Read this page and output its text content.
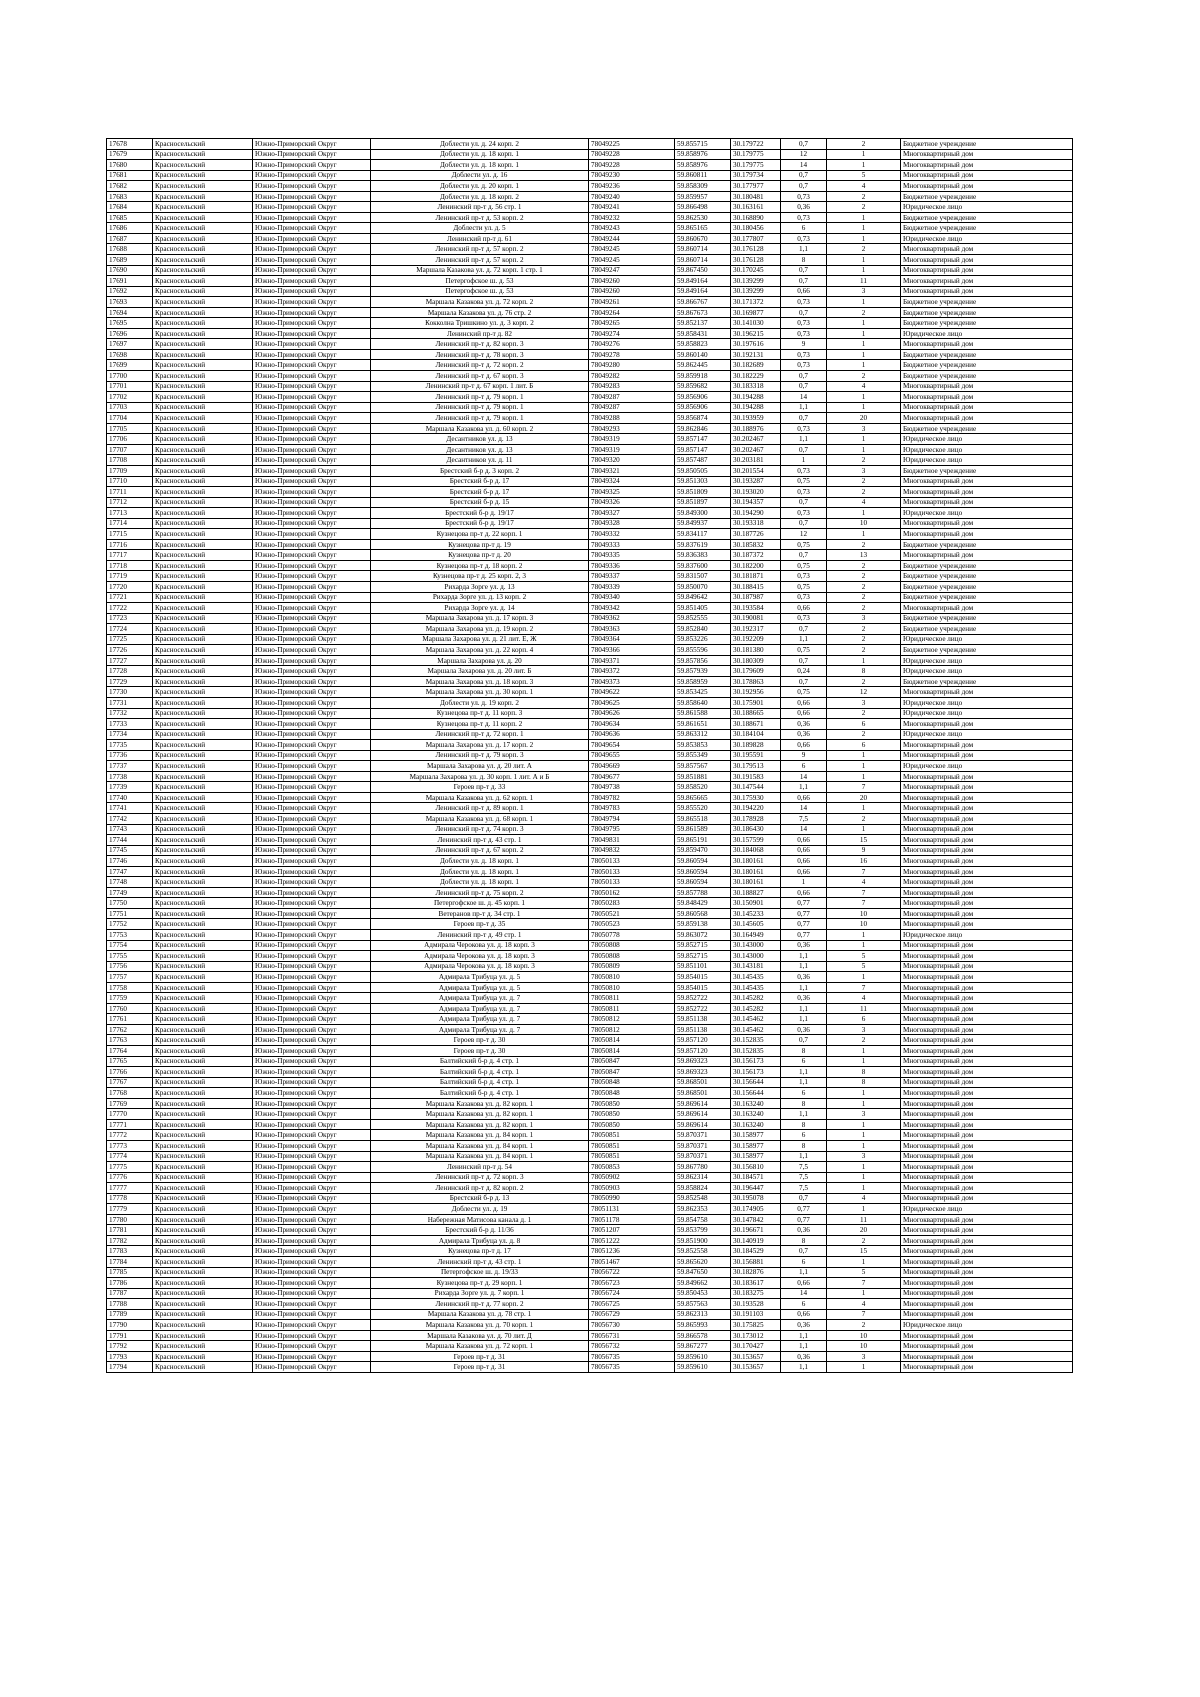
17678	Красносельский	Южно-Приморский Округ	Доблести ул. д. 24 корп. 2	78049225	59.855715	30.179722	0,7	2	Бюджетное учреждение
17679	Красносельский	Южно-Приморский Округ	Доблести ул. д. 18 корп. 1	78049228	59.858976	30.179775	12	1	Многоквартирный дом
17680	Красносельский	Южно-Приморский Округ	Доблести ул. д. 18 корп. 1	78049228	59.858976	30.179775	14	1	Многоквартирный дом
17681	Красносельский	Южно-Приморский Округ	Доблести ул. д. 16	78049230	59.860811	30.179734	0,7	5	Многоквартирный дом
17682	Красносельский	Южно-Приморский Округ	Доблести ул. д. 20 корп. 1	78049236	59.858309	30.177977	0,7	4	Многоквартирный дом
17683	Красносельский	Южно-Приморский Округ	Доблести ул. д. 18 корп. 2	78049240	59.859957	30.180481	0,73	2	Бюджетное учреждение
17684	Красносельский	Южно-Приморский Округ	Ленинский пр-т д. 56 стр. 1	78049241	59.866498	30.163161	0,36	2	Юридическое лицо
17685	Красносельский	Южно-Приморский Округ	Ленинский пр-т д. 53 корп. 2	78049232	59.862530	30.168890	0,73	1	Бюджетное учреждение
17686	Красносельский	Южно-Приморский Округ	Доблести ул. д. 5	78049243	59.865165	30.180456	6	1	Бюджетное учреждение
17687	Красносельский	Южно-Приморский Округ	Ленинский пр-т д. 61	78049244	59.860670	30.177807	0,73	1	Юридическое лицо
17688	Красносельский	Южно-Приморский Округ	Ленинский пр-т д. 57 корп. 2	78049245	59.860714	30.176128	1,1	2	Многоквартирный дом
17689	Красносельский	Южно-Приморский Округ	Ленинский пр-т д. 57 корп. 2	78049245	59.860714	30.176128	8	1	Многоквартирный дом
17690	Красносельский	Южно-Приморский Округ	Маршала Казакова ул. д. 72 корп. 1 стр. 1	78049247	59.867450	30.170245	0,7	1	Многоквартирный дом
17691	Красносельский	Южно-Приморский Округ	Петергофское ш. д. 53	78049260	59.849164	30.139299	0,7	11	Многоквартирный дом
17692	Красносельский	Южно-Приморский Округ	Петергофское ш. д. 53	78049260	59.849164	30.139299	0,66	3	Многоквартирный дом
17693	Красносельский	Южно-Приморский Округ	Маршала Казакова ул. д. 72 корп. 2	78049261	59.866767	30.171372	0,73	1	Бюджетное учреждение
17694	Красносельский	Южно-Приморский Округ	Маршала Казакова ул. д. 76 стр. 2	78049264	59.867673	30.169877	0,7	2	Бюджетное учреждение
17695	Красносельский	Южно-Приморский Округ	Кокколна Тришкино ул. д. 3 корп. 2	78049265	59.852137	30.141030	0,73	1	Бюджетное учреждение
17696	Красносельский	Южно-Приморский Округ	Ленинский пр-т д. 82	78049274	59.858431	30.196215	0,73	1	Юридическое лицо
17697	Красносельский	Южно-Приморский Округ	Ленинский пр-т д. 82 корп. 3	78049276	59.858823	30.197616	9	1	Многоквартирный дом
17698	Красносельский	Южно-Приморский Округ	Ленинский пр-т д. 78 корп. 3	78049278	59.860140	30.192131	0,73	1	Бюджетное учреждение
17699	Красносельский	Южно-Приморский Округ	Ленинский пр-т д. 72 корп. 2	78049280	59.862445	30.182689	0,73	1	Бюджетное учреждение
17700	Красносельский	Южно-Приморский Округ	Ленинский пр-т д. 67 корп. 3	78049282	59.859918	30.182229	0,7	2	Бюджетное учреждение
17701	Красносельский	Южно-Приморский Округ	Ленинский пр-т д. 67 корп. 1 лит. Б	78049283	59.859682	30.183318	0,7	4	Многоквартирный дом
17702	Красносельский	Южно-Приморский Округ	Ленинский пр-т д. 79 корп. 1	78049287	59.856906	30.194288	14	1	Многоквартирный дом
17703	Красносельский	Южно-Приморский Округ	Ленинский пр-т д. 79 корп. 1	78049287	59.856906	30.194288	1,1	1	Многоквартирный дом
17704	Красносельский	Южно-Приморский Округ	Ленинский пр-т д. 79 корп. 1	78049288	59.856874	30.193959	0,7	20	Многоквартирный дом
17705	Красносельский	Южно-Приморский Округ	Маршала Казакова ул. д. 60 корп. 2	78049293	59.862846	30.188976	0,73	3	Бюджетное учреждение
17706	Красносельский	Южно-Приморский Округ	Десантников ул. д. 13	78049319	59.857147	30.202467	1,1	1	Юридическое лицо
17707	Красносельский	Южно-Приморский Округ	Десантников ул. д. 13	78049319	59.857147	30.202467	0,7	1	Юридическое лицо
17708	Красносельский	Южно-Приморский Округ	Десантников ул. д. 11	78049320	59.857487	30.203181	1	2	Юридическое лицо
17709	Красносельский	Южно-Приморский Округ	Брестский б-р д. 3 корп. 2	78049321	59.850505	30.201554	0,73	3	Бюджетное учреждение
17710	Красносельский	Южно-Приморский Округ	Брестский б-р д. 17	78049324	59.851303	30.193287	0,75	2	Многоквартирный дом
17711	Красносельский	Южно-Приморский Округ	Брестский б-р д. 17	78049325	59.851809	30.193020	0,73	2	Многоквартирный дом
17712	Красносельский	Южно-Приморский Округ	Брестский б-р д. 15	78049326	59.851897	30.194357	0,7	4	Многоквартирный дом
17713	Красносельский	Южно-Приморский Округ	Брестский б-р д. 19/17	78049327	59.849300	30.194290	0,73	1	Юридическое лицо
17714	Красносельский	Южно-Приморский Округ	Брестский б-р д. 19/17	78049328	59.849937	30.193318	0,7	10	Многоквартирный дом
17715	Красносельский	Южно-Приморский Округ	Кузнецова пр-т д. 22 корп. 1	78049332	59.834117	30.187726	12	1	Многоквартирный дом
17716	Красносельский	Южно-Приморский Округ	Кузнецова пр-т д. 19	78049333	59.837619	30.185832	0,75	2	Бюджетное учреждение
17717	Красносельский	Южно-Приморский Округ	Кузнецова пр-т д. 20	78049335	59.836383	30.187372	0,7	13	Многоквартирный дом
17718	Красносельский	Южно-Приморский Округ	Кузнецова пр-т д. 18 корп. 2	78049336	59.837600	30.182200	0,75	2	Бюджетное учреждение
17719	Красносельский	Южно-Приморский Округ	Кузнецова пр-т д. 25 корп. 2, 3	78049337	59.831507	30.181871	0,73	2	Бюджетное учреждение
17720	Красносельский	Южно-Приморский Округ	Рихарда Зорге ул. д. 13	78049339	59.850070	30.188415	0,75	2	Бюджетное учреждение
17721	Красносельский	Южно-Приморский Округ	Рихарда Зорге ул. д. 13 корп. 2	78049340	59.849642	30.187987	0,73	2	Бюджетное учреждение
17722	Красносельский	Южно-Приморский Округ	Рихарда Зорге ул. д. 14	78049342	59.851405	30.193584	0,66	2	Многоквартирный дом
17723	Красносельский	Южно-Приморский Округ	Маршала Захарова ул. д. 17 корп. 3	78049362	59.852555	30.190081	0,73	3	Бюджетное учреждение
17724	Красносельский	Южно-Приморский Округ	Маршала Захарова ул. д. 19 корп. 2	78049363	59.852840	30.192317	0,7	2	Бюджетное учреждение
17725	Красносельский	Южно-Приморский Округ	Маршала Захарова ул. д. 21 лит. Е, Ж	78049364	59.853226	30.192209	1,1	2	Юридическое лицо
17726	Красносельский	Южно-Приморский Округ	Маршала Захарова ул. д. 22 корп. 4	78049366	59.855596	30.181380	0,75	2	Бюджетное учреждение
17727	Красносельский	Южно-Приморский Округ	Маршала Захарова ул. д. 20	78049371	59.857856	30.180309	0,7	1	Юридическое лицо
17728	Красносельский	Южно-Приморский Округ	Маршала Захарова ул. д. 20 лит. Б	78049372	59.857939	30.179609	0,24	8	Юридическое лицо
17729	Красносельский	Южно-Приморский Округ	Маршала Захарова ул. д. 18 корп. 3	78049373	59.858959	30.178863	0,7	2	Бюджетное учреждение
17730	Красносельский	Южно-Приморский Округ	Маршала Захарова ул. д. 30 корп. 1	78049622	59.853425	30.192956	0,75	12	Многоквартирный дом
17731	Красносельский	Южно-Приморский Округ	Доблести ул. д. 19 корп. 2	78049625	59.858640	30.175901	0,66	3	Юридическое лицо
17732	Красносельский	Южно-Приморский Округ	Кузнецова пр-т д. 11 корп. 3	78049626	59.861588	30.188665	0,66	2	Юридическое лицо
17733	Красносельский	Южно-Приморский Округ	Кузнецова пр-т д. 11 корп. 2	78049634	59.861651	30.188671	0,36	6	Многоквартирный дом
17734	Красносельский	Южно-Приморский Округ	Ленинский пр-т д. 72 корп. 1	78049636	59.863312	30.184104	0,36	2	Юридическое лицо
17735	Красносельский	Южно-Приморский Округ	Маршала Захарова ул. д. 17 корп. 2	78049654	59.853853	30.189828	0,66	6	Многоквартирный дом
17736	Красносельский	Южно-Приморский Округ	Ленинский пр-т д. 79 корп. 3	78049655	59.855349	30.195591	9	1	Многоквартирный дом
17737	Красносельский	Южно-Приморский Округ	Маршала Захарова ул. д. 20 лит. А	78049669	59.857567	30.179513	6	1	Юридическое лицо
17738	Красносельский	Южно-Приморский Округ	Маршала Захарова ул. д. 30 корп. 1 лит. А и Б	78049677	59.851881	30.191583	14	1	Многоквартирный дом
17739	Красносельский	Южно-Приморский Округ	Героев пр-т д. 33	78049738	59.858520	30.147544	1,1	7	Многоквартирный дом
17740	Красносельский	Южно-Приморский Округ	Маршала Казакова ул. д. 62 корп. 1	78049782	59.865665	30.175930	0,66	20	Многоквартирный дом
17741	Красносельский	Южно-Приморский Округ	Ленинский пр-т д. 89 корп. 1	78049783	59.855520	30.194220	14	1	Многоквартирный дом
17742	Красносельский	Южно-Приморский Округ	Маршала Казакова ул. д. 68 корп. 1	78049794	59.865518	30.178928	7,5	2	Многоквартирный дом
17743	Красносельский	Южно-Приморский Округ	Ленинский пр-т д. 74 корп. 3	78049795	59.861589	30.186430	14	1	Многоквартирный дом
17744	Красносельский	Южно-Приморский Округ	Ленинский пр-т д. 43 стр. 1	78049831	59.865191	30.157599	0,66	15	Многоквартирный дом
17745	Красносельский	Южно-Приморский Округ	Ленинский пр-т д. 67 корп. 2	78049832	59.859470	30.184068	0,66	9	Многоквартирный дом
17746	Красносельский	Южно-Приморский Округ	Доблести ул. д. 18 корп. 1	78050133	59.860594	30.180161	0,66	16	Многоквартирный дом
17747	Красносельский	Южно-Приморский Округ	Доблести ул. д. 18 корп. 1	78050133	59.860594	30.180161	0,66	7	Многоквартирный дом
17748	Красносельский	Южно-Приморский Округ	Доблести ул. д. 18 корп. 1	78050133	59.860594	30.180161	1	4	Многоквартирный дом
17749	Красносельский	Южно-Приморский Округ	Ленинский пр-т д. 75 корп. 2	78050162	59.857788	30.188827	0,66	7	Многоквартирный дом
17750	Красносельский	Южно-Приморский Округ	Петергофское ш. д. 45 корп. 1	78050283	59.848429	30.150901	0,77	7	Многоквартирный дом
17751	Красносельский	Южно-Приморский Округ	Ветеранов пр-т д. 34 стр. 1	78050521	59.860568	30.145233	0,77	10	Многоквартирный дом
17752	Красносельский	Южно-Приморский Округ	Героев пр-т д. 35	78050523	59.859138	30.145605	0,77	10	Многоквартирный дом
17753	Красносельский	Южно-Приморский Округ	Ленинский пр-т д. 49 стр. 1	78050778	59.863072	30.164949	0,77	1	Юридическое лицо
17754	Красносельский	Южно-Приморский Округ	Адмирала Черокова ул. д. 18 корп. 3	78050808	59.852715	30.143000	0,36	1	Многоквартирный дом
17755	Красносельский	Южно-Приморский Округ	Адмирала Черокова ул. д. 18 корп. 3	78050808	59.852715	30.143000	1,1	5	Многоквартирный дом
17756	Красносельский	Южно-Приморский Округ	Адмирала Черокова ул. д. 18 корп. 3	78050809	59.851101	30.143181	1,1	5	Многоквартирный дом
17757	Красносельский	Южно-Приморский Округ	Адмирала Трибуца ул. д. 5	78050810	59.854015	30.145435	0,36	1	Многоквартирный дом
17758	Красносельский	Южно-Приморский Округ	Адмирала Трибуца ул. д. 5	78050810	59.854015	30.145435	1,1	7	Многоквартирный дом
17759	Красносельский	Южно-Приморский Округ	Адмирала Трибуца ул. д. 7	78050811	59.852722	30.145282	0,36	4	Многоквартирный дом
17760	Красносельский	Южно-Приморский Округ	Адмирала Трибуца ул. д. 7	78050811	59.852722	30.145282	1,1	11	Многоквартирный дом
17761	Красносельский	Южно-Приморский Округ	Адмирала Трибуца ул. д. 7	78050812	59.851138	30.145462	1,1	6	Многоквартирный дом
17762	Красносельский	Южно-Приморский Округ	Адмирала Трибуца ул. д. 7	78050812	59.851138	30.145462	0,36	3	Многоквартирный дом
17763	Красносельский	Южно-Приморский Округ	Героев пр-т д. 30	78050814	59.857120	30.152835	0,7	2	Многоквартирный дом
17764	Красносельский	Южно-Приморский Округ	Героев пр-т д. 30	78050814	59.857120	30.152835	8	1	Многоквартирный дом
17765	Красносельский	Южно-Приморский Округ	Балтийский б-р д. 4 стр. 1	78050847	59.869323	30.156173	6	1	Многоквартирный дом
17766	Красносельский	Южно-Приморский Округ	Балтийский б-р д. 4 стр. 1	78050847	59.869323	30.156173	1,1	8	Многоквартирный дом
17767	Красносельский	Южно-Приморский Округ	Балтийский б-р д. 4 стр. 1	78050848	59.868501	30.156644	1,1	8	Многоквартирный дом
17768	Красносельский	Южно-Приморский Округ	Балтийский б-р д. 4 стр. 1	78050848	59.868501	30.156644	6	1	Многоквартирный дом
17769	Красносельский	Южно-Приморский Округ	Маршала Казакова ул. д. 82 корп. 1	78050850	59.869614	30.163240	8	1	Многоквартирный дом
17770	Красносельский	Южно-Приморский Округ	Маршала Казакова ул. д. 82 корп. 1	78050850	59.869614	30.163240	1,1	3	Многоквартирный дом
17771	Красносельский	Южно-Приморский Округ	Маршала Казакова ул. д. 82 корп. 1	78050850	59.869614	30.163240	8	1	Многоквартирный дом
17772	Красносельский	Южно-Приморский Округ	Маршала Казакова ул. д. 84 корп. 1	78050851	59.870371	30.158977	6	1	Многоквартирный дом
17773	Красносельский	Южно-Приморский Округ	Маршала Казакова ул. д. 84 корп. 1	78050851	59.870371	30.158977	8	1	Многоквартирный дом
17774	Красносельский	Южно-Приморский Округ	Маршала Казакова ул. д. 84 корп. 1	78050851	59.870371	30.158977	1,1	3	Многоквартирный дом
17775	Красносельский	Южно-Приморский Округ	Ленинский пр-т д. 54	78050853	59.867780	30.156810	7,5	1	Многоквартирный дом
17776	Красносельский	Южно-Приморский Округ	Ленинский пр-т д. 72 корп. 3	78050902	59.862314	30.184571	7,5	1	Многоквартирный дом
17777	Красносельский	Южно-Приморский Округ	Ленинский пр-т д. 82 корп. 2	78050903	59.858824	30.196447	7,5	1	Многоквартирный дом
17778	Красносельский	Южно-Приморский Округ	Брестский б-р д. 13	78050990	59.852548	30.195078	0,7	4	Многоквартирный дом
17779	Красносельский	Южно-Приморский Округ	Доблести ул. д. 19	78051131	59.862353	30.174905	0,77	1	Юридическое лицо
17780	Красносельский	Южно-Приморский Округ	Набережная Матисова канала д. 1	78051178	59.854758	30.147842	0,77	11	Многоквартирный дом
17781	Красносельский	Южно-Приморский Округ	Брестский б-р д. 11/36	78051207	59.853799	30.196671	0,36	20	Многоквартирный дом
17782	Красносельский	Южно-Приморский Округ	Адмирала Трибуца ул. д. 8	78051222	59.851900	30.140919	8	2	Многоквартирный дом
17783	Красносельский	Южно-Приморский Округ	Кузнецова пр-т д. 17	78051236	59.852558	30.184529	0,7	15	Многоквартирный дом
17784	Красносельский	Южно-Приморский Округ	Ленинский пр-т д. 43 стр. 1	78051467	59.865620	30.156881	6	1	Многоквартирный дом
17785	Красносельский	Южно-Приморский Округ	Петергофское ш. д. 19/33	78056722	59.847650	30.182876	1,1	5	Многоквартирный дом
17786	Красносельский	Южно-Приморский Округ	Кузнецова пр-т д. 29 корп. 1	78056723	59.849662	30.183617	0,66	7	Многоквартирный дом
17787	Красносельский	Южно-Приморский Округ	Рихарда Зорге ул. д. 7 корп. 1	78056724	59.850453	30.183275	14	1	Многоквартирный дом
17788	Красносельский	Южно-Приморский Округ	Ленинский пр-т д. 77 корп. 2	78056725	59.857563	30.193528	6	4	Многоквартирный дом
17789	Красносельский	Южно-Приморский Округ	Маршала Казакова ул. д. 78 стр. 1	78056729	59.862313	30.191103	0,66	7	Многоквартирный дом
17790	Красносельский	Южно-Приморский Округ	Маршала Казакова ул. д. 70 корп. 1	78056730	59.865993	30.175825	0,36	2	Юридическое лицо
17791	Красносельский	Южно-Приморский Округ	Маршала Казакова ул. д. 70 лит. Д	78056731	59.866578	30.173012	1,1	10	Многоквартирный дом
17792	Красносельский	Южно-Приморский Округ	Маршала Казакова ул. д. 72 корп. 1	78056732	59.867277	30.170427	1,1	10	Многоквартирный дом
17793	Красносельский	Южно-Приморский Округ	Героев пр-т д. 31	78056735	59.859610	30.153657	0,36	3	Многоквартирный дом
17794	Красносельский	Южно-Приморский Округ	Героев пр-т д. 31	78056735	59.859610	30.153657	1,1	1	Многоквартирный дом
